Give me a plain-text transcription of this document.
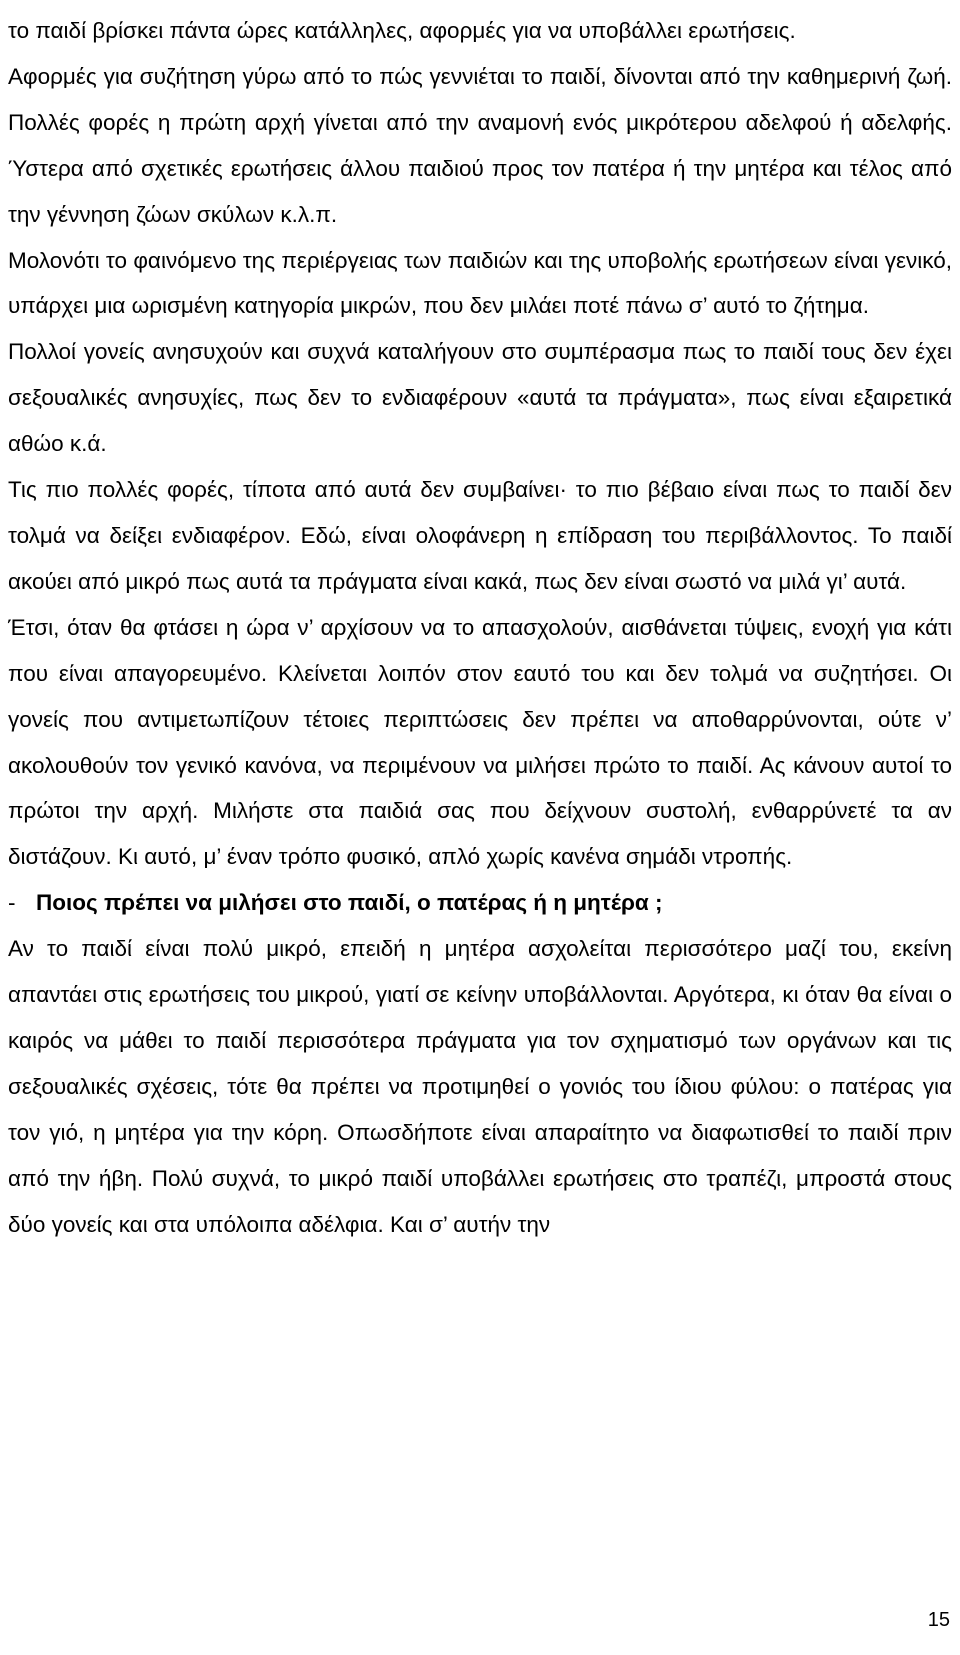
το παιδί βρίσκει πάντα ώρες κατάλληλες, αφορμές για να υποβάλλει ερωτήσεις.

Αφορμές για συζήτηση γύρω από το πώς γεννιέται το παιδί, δίνονται από την καθημερινή ζωή. Πολλές φορές η πρώτη αρχή γίνεται από την αναμονή ενός μικρότερου αδελφού ή αδελφής. Ύστερα από σχετικές ερωτήσεις άλλου παιδιού προς τον πατέρα ή την μητέρα και τέλος από την γέννηση ζώων σκύλων κ.λ.π.

Μολονότι το φαινόμενο της περιέργειας των παιδιών και της υποβολής ερωτήσεων είναι γενικό, υπάρχει μια ωρισμένη κατηγορία μικρών, που δεν μιλάει ποτέ πάνω σ’ αυτό το ζήτημα.

Πολλοί γονείς ανησυχούν και συχνά καταλήγουν στο συμπέρασμα πως το παιδί τους δεν έχει σεξουαλικές ανησυχίες, πως δεν το ενδιαφέρουν «αυτά τα πράγματα», πως είναι εξαιρετικά αθώο κ.ά.

Τις πιο πολλές φορές, τίποτα από αυτά δεν συμβαίνει· το πιο βέβαιο είναι πως το παιδί δεν τολμά να δείξει ενδιαφέρον. Εδώ, είναι ολοφάνερη η επίδραση του περιβάλλοντος. Το παιδί ακούει από μικρό πως αυτά τα πράγματα είναι κακά, πως δεν είναι σωστό να μιλά γι’ αυτά.

Έτσι, όταν θα φτάσει η ώρα ν’ αρχίσουν να το απασχολούν, αισθάνεται τύψεις, ενοχή για κάτι που είναι απαγορευμένο. Κλείνεται λοιπόν στον εαυτό του και δεν τολμά να συζητήσει. Οι γονείς που αντιμετωπίζουν τέτοιες περιπτώσεις δεν πρέπει να αποθαρρύνονται, ούτε ν’ ακολουθούν τον γενικό κανόνα, να περιμένουν να μιλήσει πρώτο το παιδί. Ας κάνουν αυτοί το πρώτοι την αρχή. Μιλήστε στα παιδιά σας που δείχνουν συστολή, ενθαρρύνετέ τα αν διστάζουν. Κι αυτό, μ’ έναν τρόπο φυσικό, απλό χωρίς κανένα σημάδι ντροπής.

- Ποιος πρέπει να μιλήσει στο παιδί, ο πατέρας ή η μητέρα ;

Αν το παιδί είναι πολύ μικρό, επειδή η μητέρα ασχολείται περισσότερο μαζί του, εκείνη απαντάει στις ερωτήσεις του μικρού, γιατί σε κείνην υποβάλλονται. Αργότερα, κι όταν θα είναι ο καιρός να μάθει το παιδί περισσότερα πράγματα για τον σχηματισμό των οργάνων και τις σεξουαλικές σχέσεις, τότε θα πρέπει να προτιμηθεί ο γονιός του ίδιου φύλου: ο πατέρας για τον γιό, η μητέρα για την κόρη. Οπωσδήποτε είναι απαραίτητο να διαφωτισθεί το παιδί πριν από την ήβη. Πολύ συχνά, το μικρό παιδί υποβάλλει ερωτήσεις στο τραπέζι, μπροστά στους δύο γονείς και στα υπόλοιπα αδέλφια. Και σ’ αυτήν την

15
